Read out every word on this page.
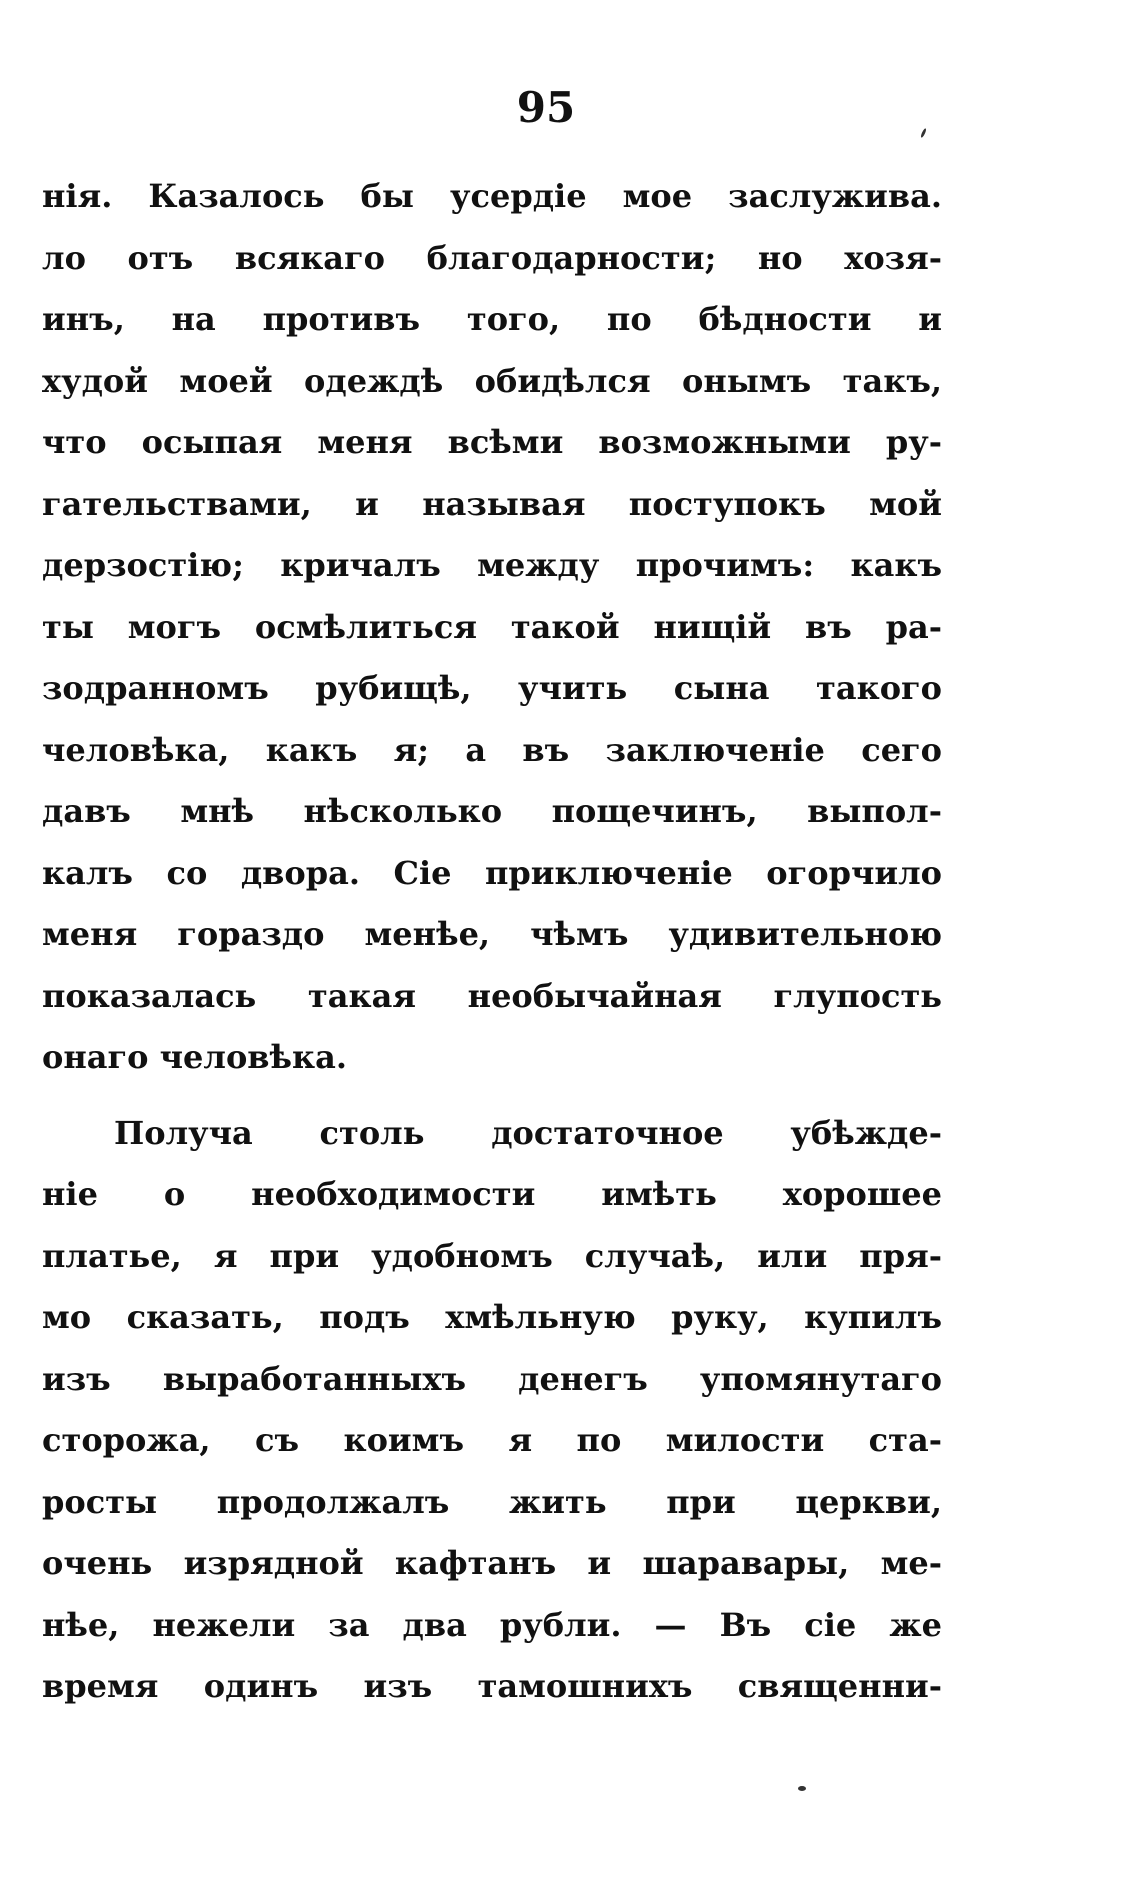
95
нія. Казалось бы усердіе мое заслужива.
ло отъ всякаго благодарности; но хозя-
инъ, на противъ того, по бѣдности и
худой моей одеждѣ обидѣлся онымъ такъ,
что осыпая меня всѣми возможными ру-
гательствами, и называя поступокъ мой
дерзостію; кричалъ между прочимъ: какъ
ты могъ осмѣлиться такой нищій въ ра-
зодранномъ рубищѣ, учить сына такого
человѣка, какъ я; а въ заключеніе сего
давъ мнѣ нѣсколько пощечинъ, выпол-
калъ со двора. Сіе приключеніе огорчило
меня гораздо менѣе, чѣмъ удивительною
показалась такая необычайная глупость
онаго человѣка.
Получа столь достаточное убѣжде-
ніе о необходимости имѣть хорошее
платье, я при удобномъ случаѣ, или пря-
мо сказать, подъ хмѣльную руку, купилъ
изъ выработанныхъ денегъ упомянутаго
сторожа, съ коимъ я по милости ста-
росты продолжалъ жить при церкви,
очень изрядной кафтанъ и шаравары, ме-
нѣе, нежели за два рубли. — Въ сіе же
время одинъ изъ тамошнихъ священни-
